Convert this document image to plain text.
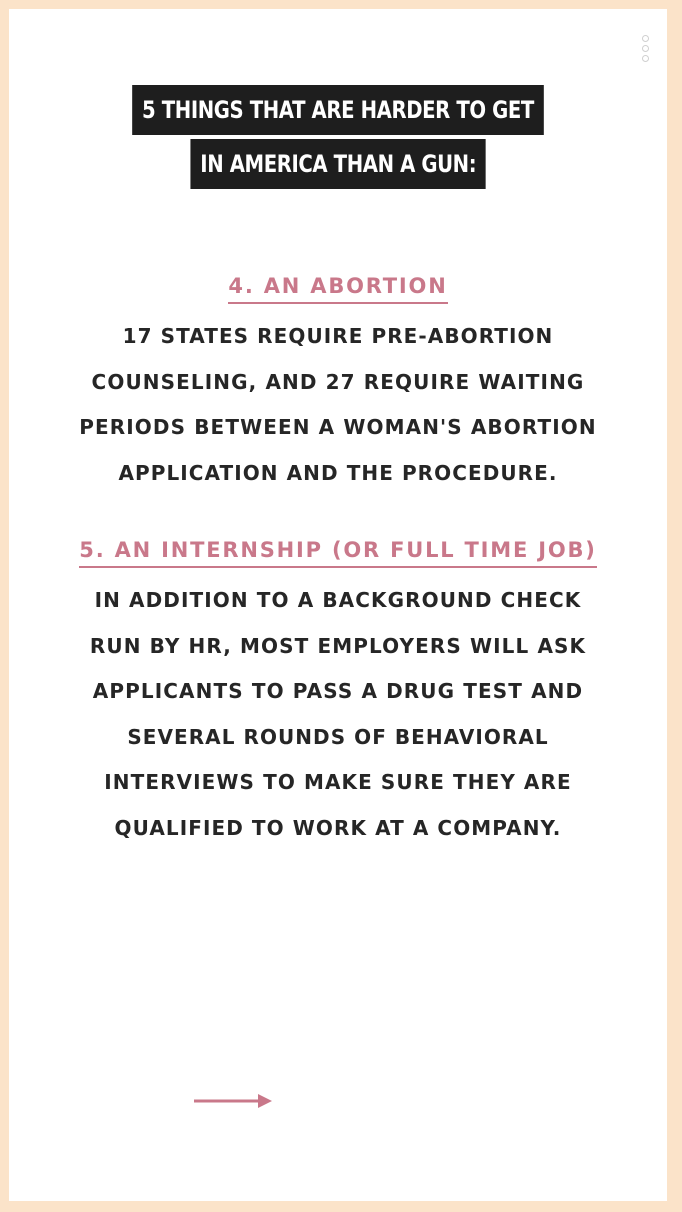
5 THINGS THAT ARE HARDER TO GET
IN AMERICA THAN A GUN:
4. AN ABORTION
17 STATES REQUIRE PRE-ABORTION
COUNSELING, AND 27 REQUIRE WAITING
PERIODS BETWEEN A WOMAN'S ABORTION
APPLICATION AND THE PROCEDURE.
5. AN INTERNSHIP (OR FULL TIME JOB)
IN ADDITION TO A BACKGROUND CHECK
RUN BY HR, MOST EMPLOYERS WILL ASK
APPLICANTS TO PASS A DRUG TEST AND
SEVERAL ROUNDS OF BEHAVIORAL
INTERVIEWS TO MAKE SURE THEY ARE
QUALIFIED TO WORK AT A COMPANY.
